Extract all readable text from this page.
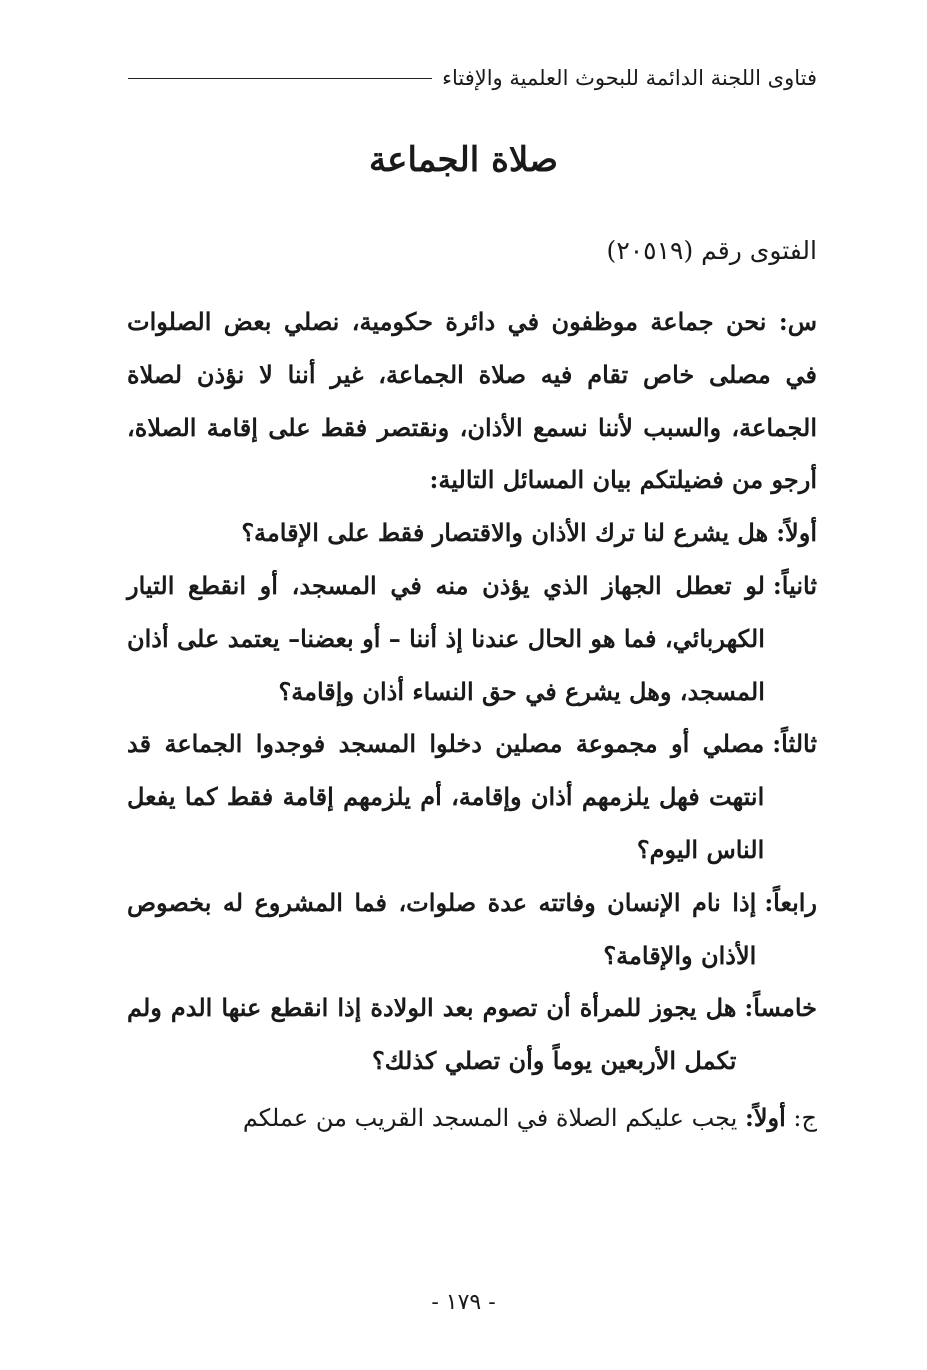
فتاوى اللجنة الدائمة للبحوث العلمية والإفتاء
صلاة الجماعة
الفتوى رقم (٢٠٥١٩)

س: نحن جماعة موظفون في دائرة حكومية، نصلي بعض الصلوات في مصلى خاص تقام فيه صلاة الجماعة، غير أننا لا نؤذن لصلاة الجماعة، والسبب لأننا نسمع الأذان، ونقتصر فقط على إقامة الصلاة، أرجو من فضيلتكم بيان المسائل التالية:

أولاً:
هل يشرع لنا ترك الأذان والاقتصار فقط على الإقامة؟
ثانياً:
لو تعطل الجهاز الذي يؤذن منه في المسجد، أو انقطع التيار الكهربائي، فما هو الحال عندنا إذ أننا – أو بعضنا– يعتمد على أذان المسجد، وهل يشرع في حق النساء أذان وإقامة؟
ثالثاً:
مصلي أو مجموعة مصلين دخلوا المسجد فوجدوا الجماعة قد انتهت فهل يلزمهم أذان وإقامة، أم يلزمهم إقامة فقط كما يفعل الناس اليوم؟
رابعاً:
إذا نام الإنسان وفاتته عدة صلوات، فما المشروع له بخصوص الأذان والإقامة؟
خامساً:
هل يجوز للمرأة أن تصوم بعد الولادة إذا انقطع عنها الدم ولم تكمل الأربعين يوماً وأن تصلي كذلك؟

ج: أولاً: يجب عليكم الصلاة في المسجد القريب من عملكم

- ١٧٩ -
